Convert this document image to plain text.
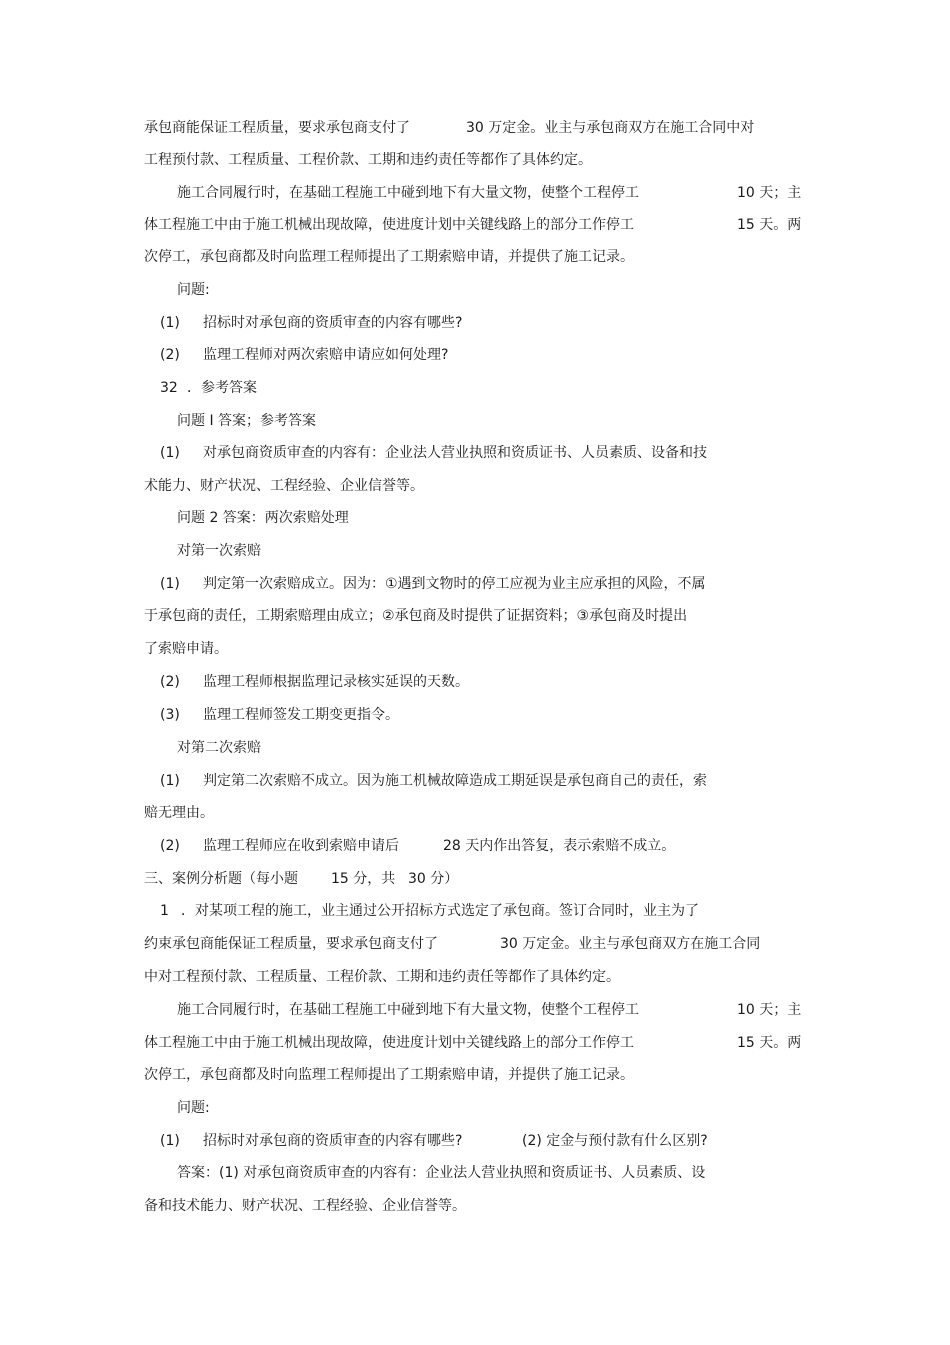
承包商能保证工程质量，要求承包商支付了

	30 万定金。业主与承包商双方在施工合同中对

工程预付款、工程质量、工程价款、工期和违约责任等都作了具体约定。

施工合同履行时，在基础工程施工中碰到地下有大量文物，使整个工程停工

	10 天；主

体工程施工中由于施工机械出现故障，使进度计划中关键线路上的部分工作停工

	15 天。两

次停工，承包商都及时向监理工程师提出了工期索赔申请，并提供了施工记录。

问题:

(1)

招标时对承包商的资质审查的内容有哪些?

(2)

监理工程师对两次索赔申请应如何处理?

32

．参考答案

问题 I 答案；参考答案

(1)

对承包商资质审查的内容有：企业法人营业执照和资质证书、人员素质、设备和技

术能力、财产状况、工程经验、企业信誉等。

问题 2 答案：两次索赔处理

对第一次索赔

(1)

判定第一次索赔成立。因为：①遇到文物时的停工应视为业主应承担的风险，不属

于承包商的责任，工期索赔理由成立；②承包商及时提供了证据资料；③承包商及时提出

了索赔申请。

(2)

监理工程师根据监理记录核实延误的天数。

(3)

监理工程师签发工期变更指令。

对第二次索赔

(1)

判定第二次索赔不成立。因为施工机械故障造成工期延误是承包商自己的责任，索

赔无理由。

(2)

监理工程师应在收到索赔申请后

	28 天内作出答复，表示索赔不成立。

三、案例分析题（每小题

15 分，共

30 分）

1

．对某项工程的施工，业主通过公开招标方式选定了承包商。签订合同时，业主为了

约束承包商能保证工程质量，要求承包商支付了

	30 万定金。业主与承包商双方在施工合同

中对工程预付款、工程质量、工程价款、工期和违约责任等都作了具体约定。

施工合同履行时，在基础工程施工中碰到地下有大量文物，使整个工程停工

	10 天；主

体工程施工中由于施工机械出现故障，使进度计划中关键线路上的部分工作停工

	15 天。两

次停工，承包商都及时向监理工程师提出了工期索赔申请，并提供了施工记录。

问题:

(1)

招标时对承包商的资质审查的内容有哪些?

	(2) 定金与预付款有什么区别?

答案：(1) 对承包商资质审查的内容有：企业法人营业执照和资质证书、人员素质、设

备和技术能力、财产状况、工程经验、企业信誉等。
